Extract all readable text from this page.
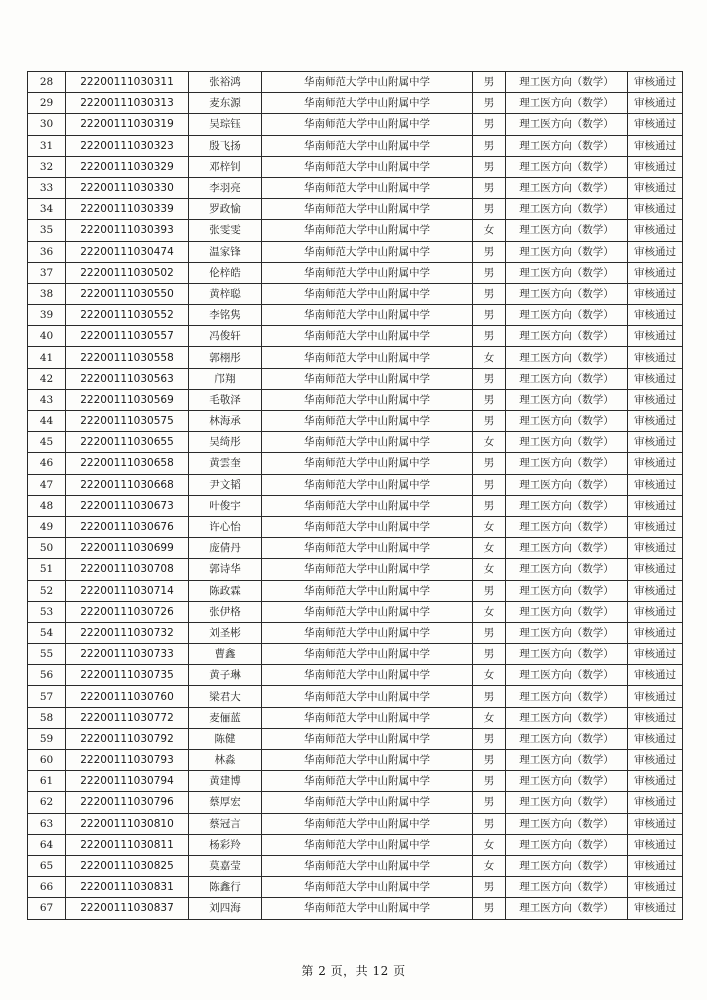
28	22200111030311	张裕鸿	华南师范大学中山附属中学	男	理工医方向（数学）	审核通过
29	22200111030313	麦东源	华南师范大学中山附属中学	男	理工医方向（数学）	审核通过
30	22200111030319	吴琮钰	华南师范大学中山附属中学	男	理工医方向（数学）	审核通过
31	22200111030323	殷飞扬	华南师范大学中山附属中学	男	理工医方向（数学）	审核通过
32	22200111030329	邓梓钊	华南师范大学中山附属中学	男	理工医方向（数学）	审核通过
33	22200111030330	李羽亮	华南师范大学中山附属中学	男	理工医方向（数学）	审核通过
34	22200111030339	罗政愉	华南师范大学中山附属中学	男	理工医方向（数学）	审核通过
35	22200111030393	张雯雯	华南师范大学中山附属中学	女	理工医方向（数学）	审核通过
36	22200111030474	温家锋	华南师范大学中山附属中学	男	理工医方向（数学）	审核通过
37	22200111030502	伦梓皓	华南师范大学中山附属中学	男	理工医方向（数学）	审核通过
38	22200111030550	黄梓聪	华南师范大学中山附属中学	男	理工医方向（数学）	审核通过
39	22200111030552	李铭隽	华南师范大学中山附属中学	男	理工医方向（数学）	审核通过
40	22200111030557	冯俊轩	华南师范大学中山附属中学	男	理工医方向（数学）	审核通过
41	22200111030558	郭栩彤	华南师范大学中山附属中学	女	理工医方向（数学）	审核通过
42	22200111030563	邝翔	华南师范大学中山附属中学	男	理工医方向（数学）	审核通过
43	22200111030569	毛敬泽	华南师范大学中山附属中学	男	理工医方向（数学）	审核通过
44	22200111030575	林海承	华南师范大学中山附属中学	男	理工医方向（数学）	审核通过
45	22200111030655	吴绮彤	华南师范大学中山附属中学	女	理工医方向（数学）	审核通过
46	22200111030658	黄雲奎	华南师范大学中山附属中学	男	理工医方向（数学）	审核通过
47	22200111030668	尹文韬	华南师范大学中山附属中学	男	理工医方向（数学）	审核通过
48	22200111030673	叶俊宇	华南师范大学中山附属中学	男	理工医方向（数学）	审核通过
49	22200111030676	许心怡	华南师范大学中山附属中学	女	理工医方向（数学）	审核通过
50	22200111030699	庞倩丹	华南师范大学中山附属中学	女	理工医方向（数学）	审核通过
51	22200111030708	郭诗华	华南师范大学中山附属中学	女	理工医方向（数学）	审核通过
52	22200111030714	陈政霖	华南师范大学中山附属中学	男	理工医方向（数学）	审核通过
53	22200111030726	张伊格	华南师范大学中山附属中学	女	理工医方向（数学）	审核通过
54	22200111030732	刘圣彬	华南师范大学中山附属中学	男	理工医方向（数学）	审核通过
55	22200111030733	曹鑫	华南师范大学中山附属中学	男	理工医方向（数学）	审核通过
56	22200111030735	黄子琳	华南师范大学中山附属中学	女	理工医方向（数学）	审核通过
57	22200111030760	梁君大	华南师范大学中山附属中学	男	理工医方向（数学）	审核通过
58	22200111030772	麦俪蓝	华南师范大学中山附属中学	女	理工医方向（数学）	审核通过
59	22200111030792	陈健	华南师范大学中山附属中学	男	理工医方向（数学）	审核通过
60	22200111030793	林淼	华南师范大学中山附属中学	男	理工医方向（数学）	审核通过
61	22200111030794	黄建博	华南师范大学中山附属中学	男	理工医方向（数学）	审核通过
62	22200111030796	蔡厚宏	华南师范大学中山附属中学	男	理工医方向（数学）	审核通过
63	22200111030810	蔡冠言	华南师范大学中山附属中学	男	理工医方向（数学）	审核通过
64	22200111030811	杨彩羚	华南师范大学中山附属中学	女	理工医方向（数学）	审核通过
65	22200111030825	莫嘉莹	华南师范大学中山附属中学	女	理工医方向（数学）	审核通过
66	22200111030831	陈鑫行	华南师范大学中山附属中学	男	理工医方向（数学）	审核通过
67	22200111030837	刘四海	华南师范大学中山附属中学	男	理工医方向（数学）	审核通过
第 2 页，共 12 页
